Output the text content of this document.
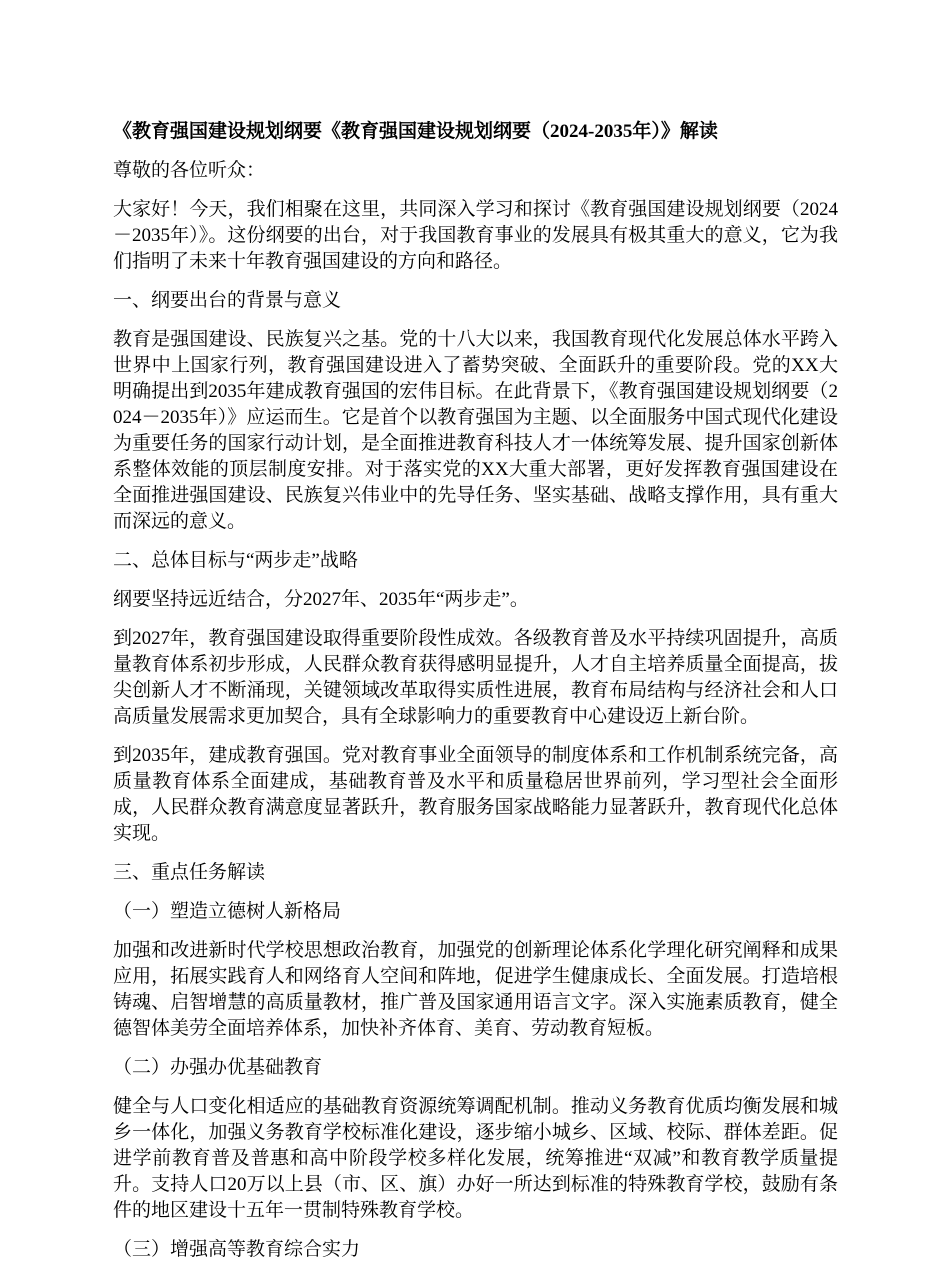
《教育强国建设规划纲要《教育强国建设规划纲要（2024-2035年）》解读
尊敬的各位听众：
大家好！今天，我们相聚在这里，共同深入学习和探讨《教育强国建设规划纲要（2024－2035年）》。这份纲要的出台，对于我国教育事业的发展具有极其重大的意义，它为我们指明了未来十年教育强国建设的方向和路径。
一、纲要出台的背景与意义
教育是强国建设、民族复兴之基。党的十八大以来，我国教育现代化发展总体水平跨入世界中上国家行列，教育强国建设进入了蓄势突破、全面跃升的重要阶段。党的XX大明确提出到2035年建成教育强国的宏伟目标。在此背景下，《教育强国建设规划纲要（2024－2035年）》应运而生。它是首个以教育强国为主题、以全面服务中国式现代化建设为重要任务的国家行动计划，是全面推进教育科技人才一体统筹发展、提升国家创新体系整体效能的顶层制度安排。对于落实党的XX大重大部署，更好发挥教育强国建设在全面推进强国建设、民族复兴伟业中的先导任务、坚实基础、战略支撑作用，具有重大而深远的意义。
二、总体目标与“两步走”战略
纲要坚持远近结合，分2027年、2035年“两步走”。
到2027年，教育强国建设取得重要阶段性成效。各级教育普及水平持续巩固提升，高质量教育体系初步形成，人民群众教育获得感明显提升，人才自主培养质量全面提高，拔尖创新人才不断涌现，关键领域改革取得实质性进展，教育布局结构与经济社会和人口高质量发展需求更加契合，具有全球影响力的重要教育中心建设迈上新台阶。
到2035年，建成教育强国。党对教育事业全面领导的制度体系和工作机制系统完备，高质量教育体系全面建成，基础教育普及水平和质量稳居世界前列，学习型社会全面形成，人民群众教育满意度显著跃升，教育服务国家战略能力显著跃升，教育现代化总体实现。
三、重点任务解读
（一）塑造立德树人新格局
加强和改进新时代学校思想政治教育，加强党的创新理论体系化学理化研究阐释和成果应用，拓展实践育人和网络育人空间和阵地，促进学生健康成长、全面发展。打造培根铸魂、启智增慧的高质量教材，推广普及国家通用语言文字。深入实施素质教育，健全德智体美劳全面培养体系，加快补齐体育、美育、劳动教育短板。
（二）办强办优基础教育
健全与人口变化相适应的基础教育资源统筹调配机制。推动义务教育优质均衡发展和城乡一体化，加强义务教育学校标准化建设，逐步缩小城乡、区域、校际、群体差距。促进学前教育普及普惠和高中阶段学校多样化发展，统筹推进“双减”和教育教学质量提升。支持人口20万以上县（市、区、旗）办好一所达到标准的特殊教育学校，鼓励有条件的地区建设十五年一贯制特殊教育学校。
（三）增强高等教育综合实力
